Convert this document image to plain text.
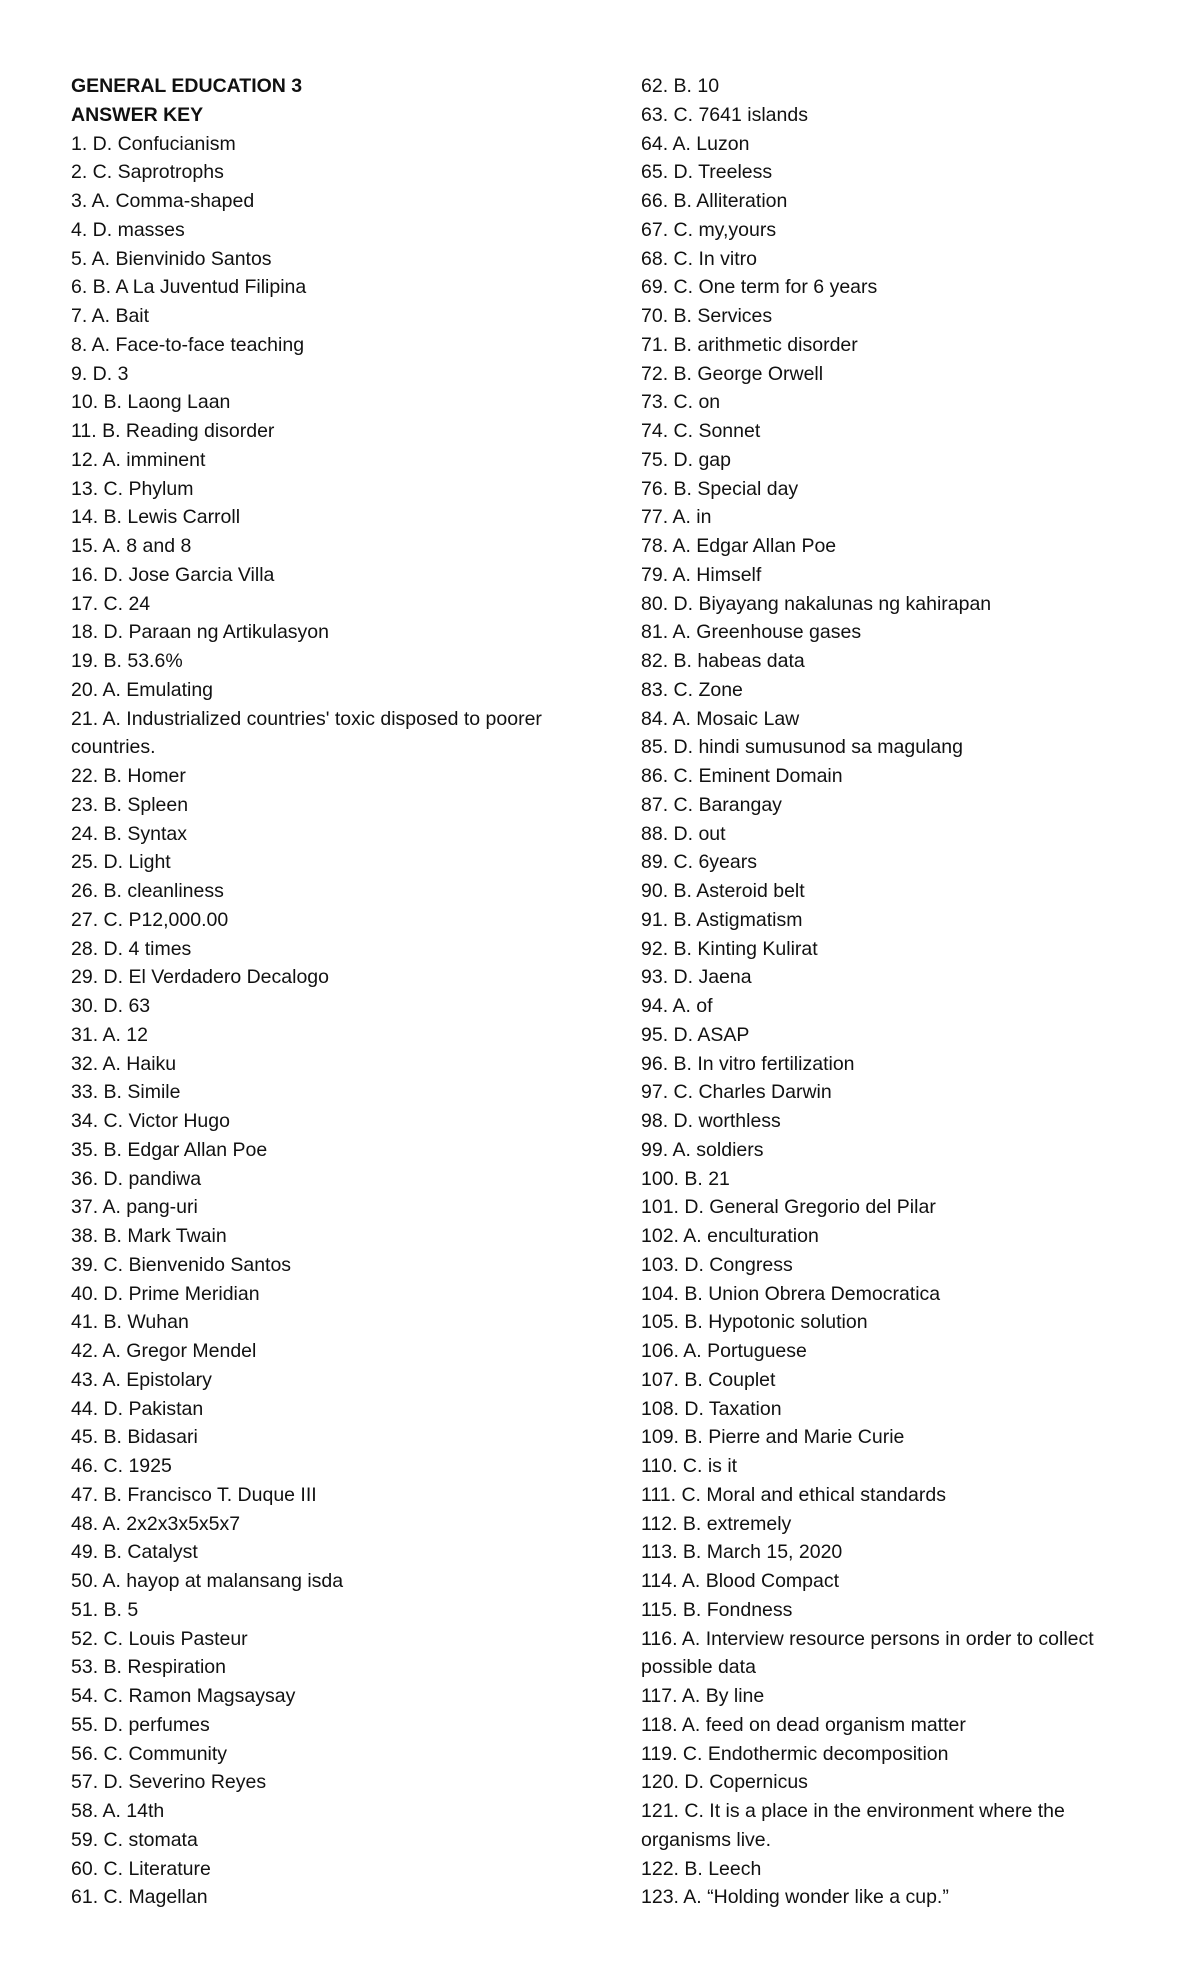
GENERAL EDUCATION 3
ANSWER KEY
1. D. Confucianism
2. C. Saprotrophs
3. A. Comma-shaped
4. D. masses
5. A. Bienvinido Santos
6. B. A La Juventud Filipina
7. A. Bait
8. A. Face-to-face teaching
9. D. 3
10. B. Laong Laan
11. B. Reading disorder
12. A. imminent
13. C. Phylum
14. B. Lewis Carroll
15. A. 8 and 8
16. D. Jose Garcia Villa
17. C. 24
18. D. Paraan ng Artikulasyon
19. B. 53.6%
20. A. Emulating
21. A. Industrialized countries' toxic disposed to poorer countries.
22. B. Homer
23. B. Spleen
24. B. Syntax
25. D. Light
26. B. cleanliness
27. C. P12,000.00
28. D. 4 times
29. D. El Verdadero Decalogo
30. D. 63
31. A. 12
32. A. Haiku
33. B. Simile
34. C. Victor Hugo
35. B. Edgar Allan Poe
36. D. pandiwa
37. A. pang-uri
38. B. Mark Twain
39. C. Bienvenido Santos
40. D. Prime Meridian
41. B. Wuhan
42. A. Gregor Mendel
43. A. Epistolary
44. D. Pakistan
45. B. Bidasari
46. C. 1925
47. B. Francisco T. Duque III
48. A. 2x2x3x5x5x7
49. B. Catalyst
50. A. hayop at malansang isda
51. B. 5
52. C. Louis Pasteur
53. B. Respiration
54. C. Ramon Magsaysay
55. D. perfumes
56. C. Community
57. D. Severino Reyes
58. A. 14th
59. C. stomata
60. C. Literature
61. C. Magellan
62. B. 10
63. C. 7641 islands
64. A. Luzon
65. D. Treeless
66. B. Alliteration
67. C. my,yours
68. C. In vitro
69. C. One term for 6 years
70. B. Services
71. B. arithmetic disorder
72. B. George Orwell
73. C. on
74. C. Sonnet
75. D. gap
76. B. Special day
77. A. in
78. A. Edgar Allan Poe
79. A. Himself
80. D. Biyayang nakalunas ng kahirapan
81. A. Greenhouse gases
82. B. habeas data
83. C. Zone
84. A. Mosaic Law
85. D. hindi sumusunod sa magulang
86. C. Eminent Domain
87. C. Barangay
88. D. out
89. C. 6years
90. B. Asteroid belt
91. B. Astigmatism
92. B. Kinting Kulirat
93. D. Jaena
94. A. of
95. D. ASAP
96. B. In vitro fertilization
97. C. Charles Darwin
98. D. worthless
99. A. soldiers
100. B. 21
101. D. General Gregorio del Pilar
102. A. enculturation
103. D. Congress
104. B. Union Obrera Democratica
105. B. Hypotonic solution
106. A. Portuguese
107. B. Couplet
108. D. Taxation
109. B. Pierre and Marie Curie
110. C. is it
111. C. Moral and ethical standards
112. B. extremely
113. B. March 15, 2020
114. A. Blood Compact
115. B. Fondness
116. A. Interview resource persons in order to collect possible data
117. A. By line
118. A. feed on dead organism matter
119. C. Endothermic decomposition
120. D. Copernicus
121. C. It is a place in the environment where the organisms live.
122. B. Leech
123. A. “Holding wonder like a cup.”
